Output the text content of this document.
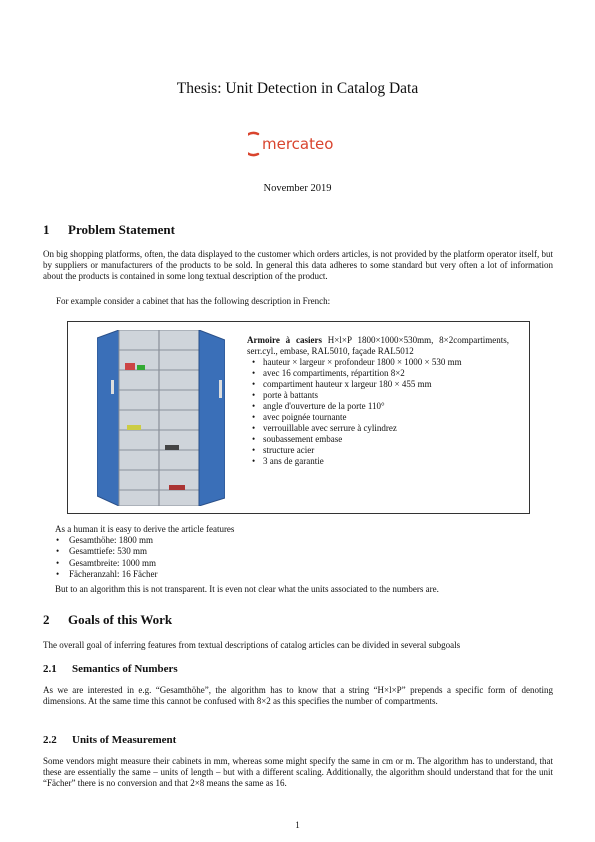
Thesis: Unit Detection in Catalog Data
mercateo
November 2019
1 Problem Statement
On big shopping platforms, often, the data displayed to the customer which orders articles, is not provided by the platform operator itself, but by suppliers or manufacturers of the products to be sold. In general this data adheres to some standard but very often a lot of information about the products is contained in some long textual description of the product.
For example consider a cabinet that has the following description in French:
Armoire à casiers H×l×P 1800×1000×530mm, 8×2compartiments, serr.cyl., embase, RAL5010, façade RAL5012
• hauteur × largeur × profondeur 1800 × 1000 × 530 mm
• avec 16 compartiments, répartition 8×2
• compartiment hauteur x largeur 180 × 455 mm
• porte à battants
• angle d'ouverture de la porte 110°
• avec poignée tournante
• verrouillable avec serrure à cylindrez
• soubassement embase
• structure acier
• 3 ans de garantie
As a human it is easy to derive the article features
• Gesamthöhe: 1800 mm
• Gesamttiefe: 530 mm
• Gesamtbreite: 1000 mm
• Fächeranzahl: 16 Fächer
But to an algorithm this is not transparent. It is even not clear what the units associated to the numbers are.
2 Goals of this Work
The overall goal of inferring features from textual descriptions of catalog articles can be divided in several subgoals
2.1 Semantics of Numbers
As we are interested in e.g. “Gesamthöhe”, the algorithm has to know that a string “H×l×P” prepends a specific form of denoting dimensions. At the same time this cannot be confused with 8×2 as this specifies the number of compartments.
2.2 Units of Measurement
Some vendors might measure their cabinets in mm, whereas some might specify the same in cm or m. The algorithm has to understand, that these are essentially the same – units of length – but with a different scaling. Additionally, the algorithm should understand that for the unit “Fächer” there is no conversion and that 2×8 means the same as 16.
1
